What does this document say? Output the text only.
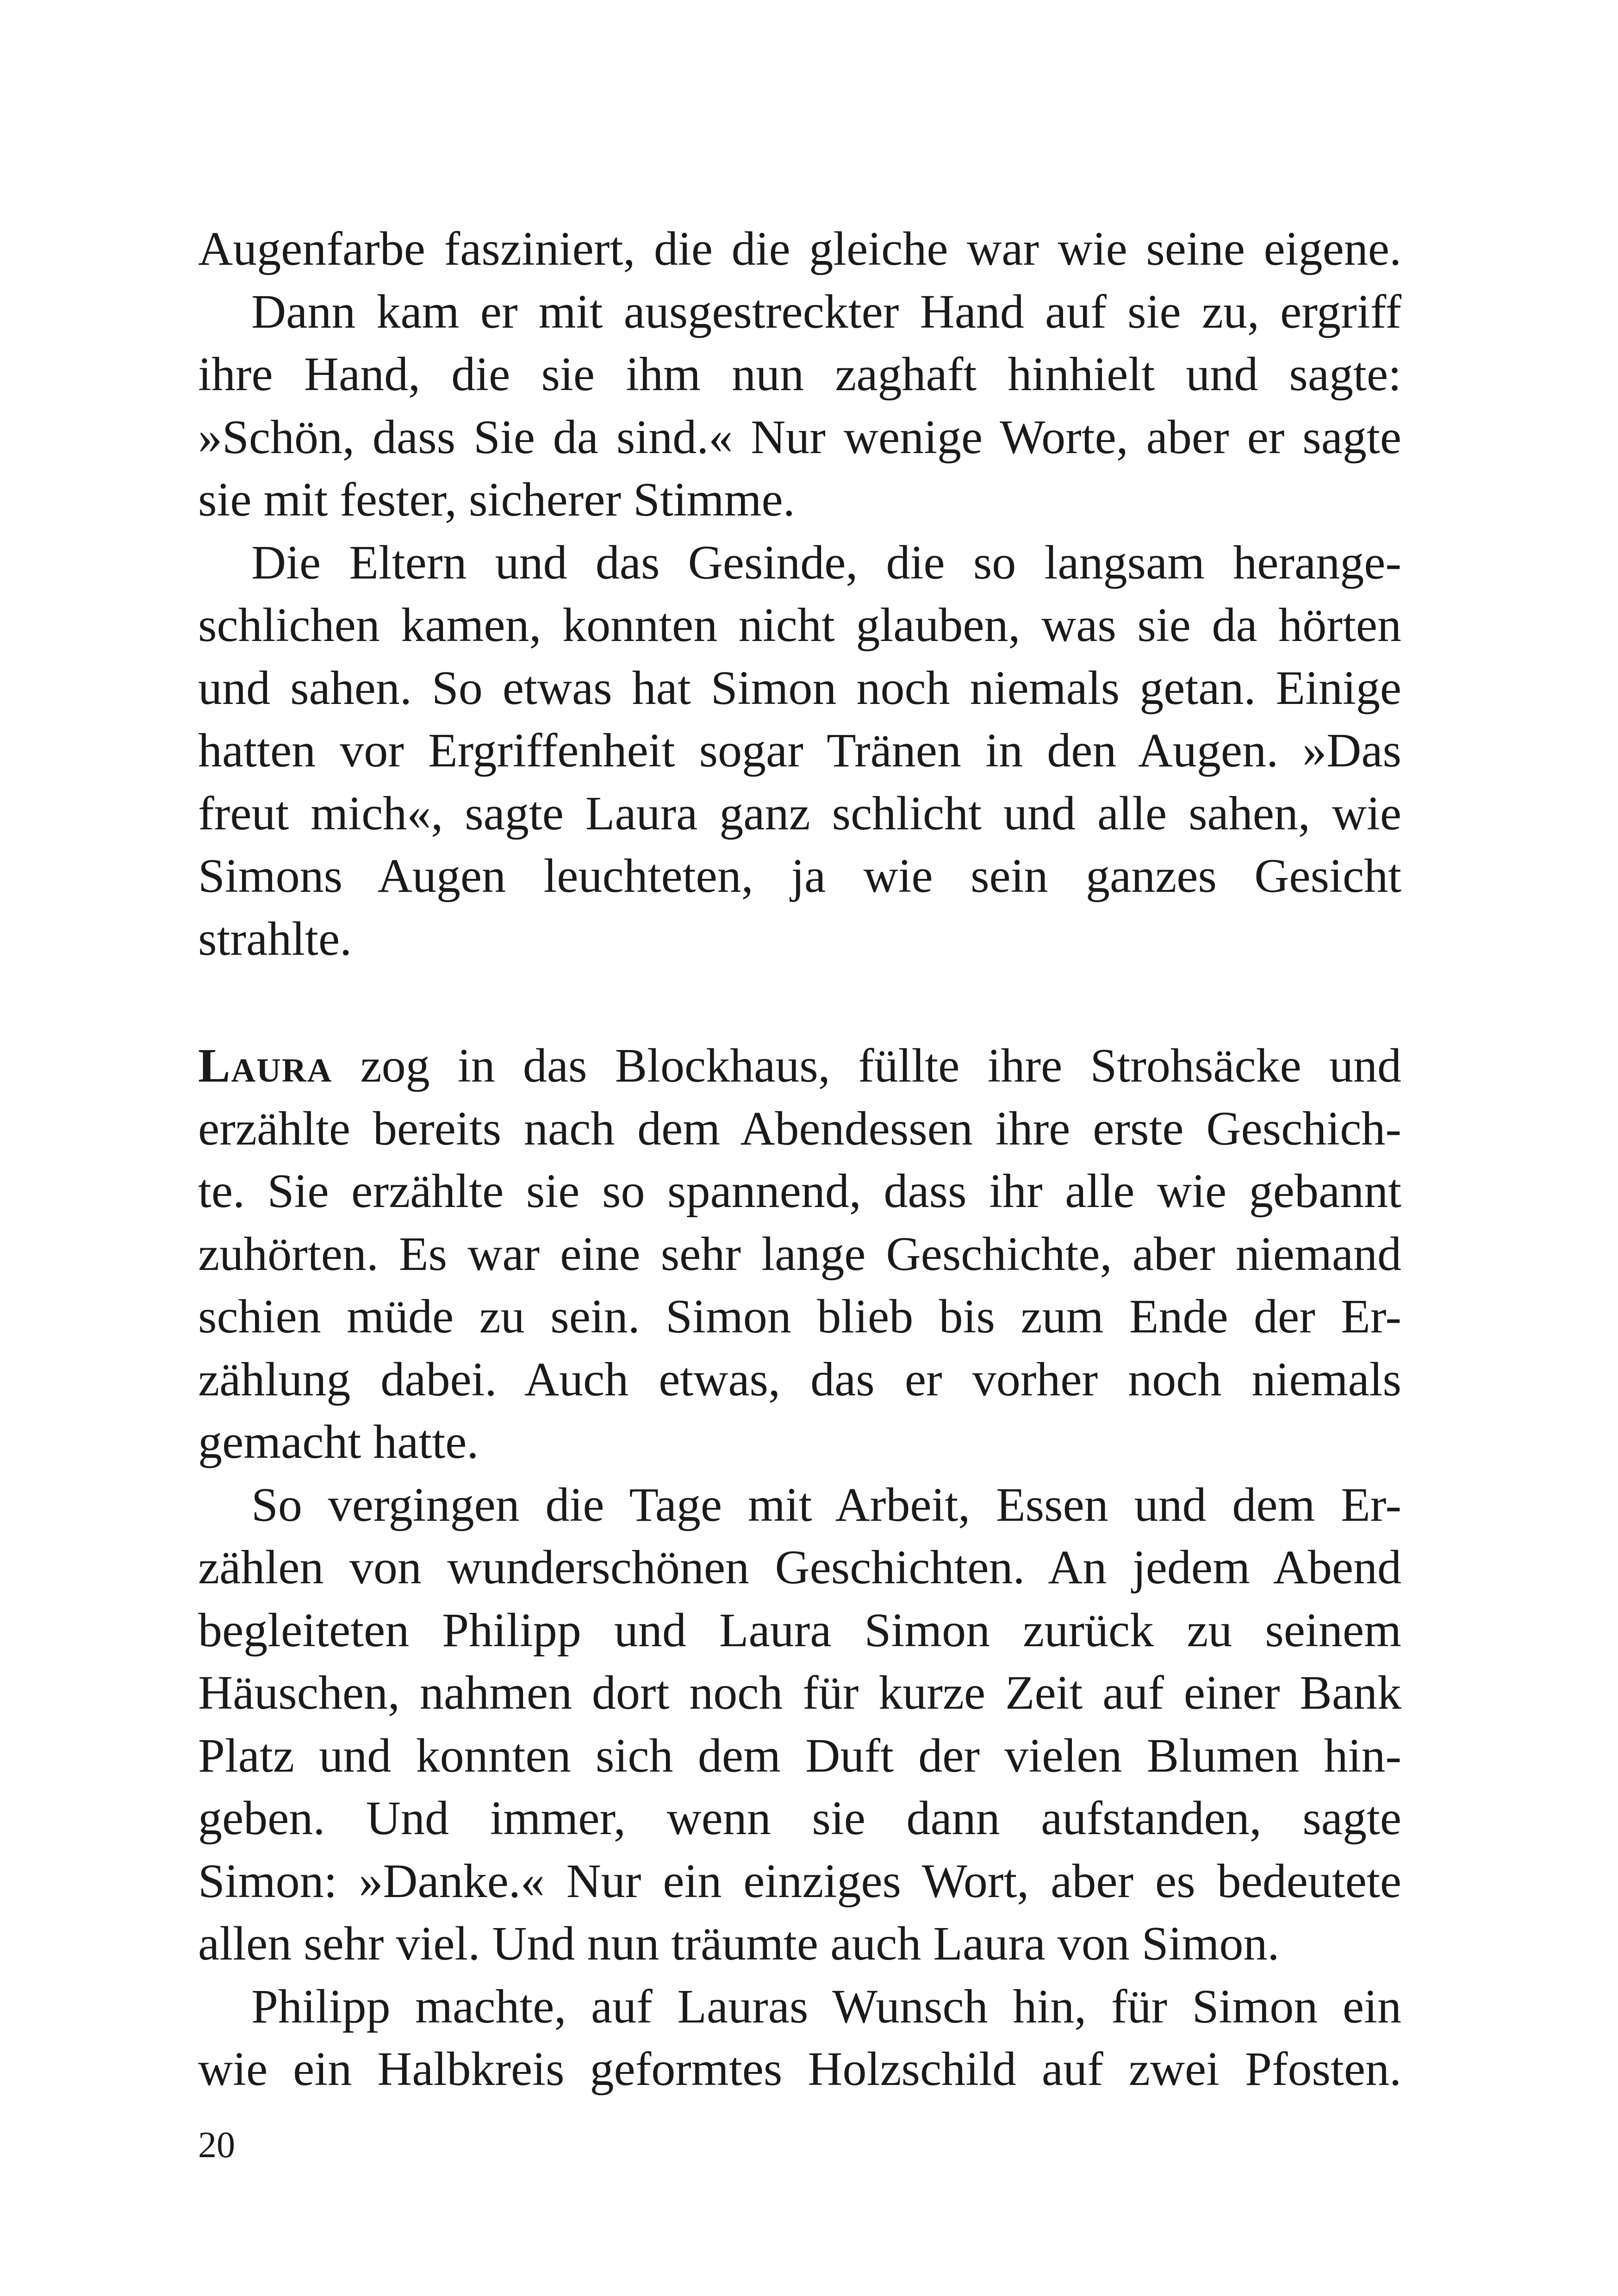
Augenfarbe fasziniert, die die gleiche war wie seine eigene.
Dann kam er mit ausgestreckter Hand auf sie zu, ergriff
ihre Hand, die sie ihm nun zaghaft hinhielt und sagte:
»Schön, dass Sie da sind.« Nur wenige Worte, aber er sagte
sie mit fester, sicherer Stimme.
Die Eltern und das Gesinde, die so langsam herange-
schlichen kamen, konnten nicht glauben, was sie da hörten
und sahen. So etwas hat Simon noch niemals getan. Einige
hatten vor Ergriffenheit sogar Tränen in den Augen. »Das
freut mich«, sagte Laura ganz schlicht und alle sahen, wie
Simons Augen leuchteten, ja wie sein ganzes Gesicht
strahlte.
Laura zog in das Blockhaus, füllte ihre Strohsäcke und
erzählte bereits nach dem Abendessen ihre erste Geschich-
te. Sie erzählte sie so spannend, dass ihr alle wie gebannt
zuhörten. Es war eine sehr lange Geschichte, aber niemand
schien müde zu sein. Simon blieb bis zum Ende der Er-
zählung dabei. Auch etwas, das er vorher noch niemals
gemacht hatte.
So vergingen die Tage mit Arbeit, Essen und dem Er-
zählen von wunderschönen Geschichten. An jedem Abend
begleiteten Philipp und Laura Simon zurück zu seinem
Häuschen, nahmen dort noch für kurze Zeit auf einer Bank
Platz und konnten sich dem Duft der vielen Blumen hin-
geben. Und immer, wenn sie dann aufstanden, sagte
Simon: »Danke.« Nur ein einziges Wort, aber es bedeutete
allen sehr viel. Und nun träumte auch Laura von Simon.
Philipp machte, auf Lauras Wunsch hin, für Simon ein
wie ein Halbkreis geformtes Holzschild auf zwei Pfosten.
20
